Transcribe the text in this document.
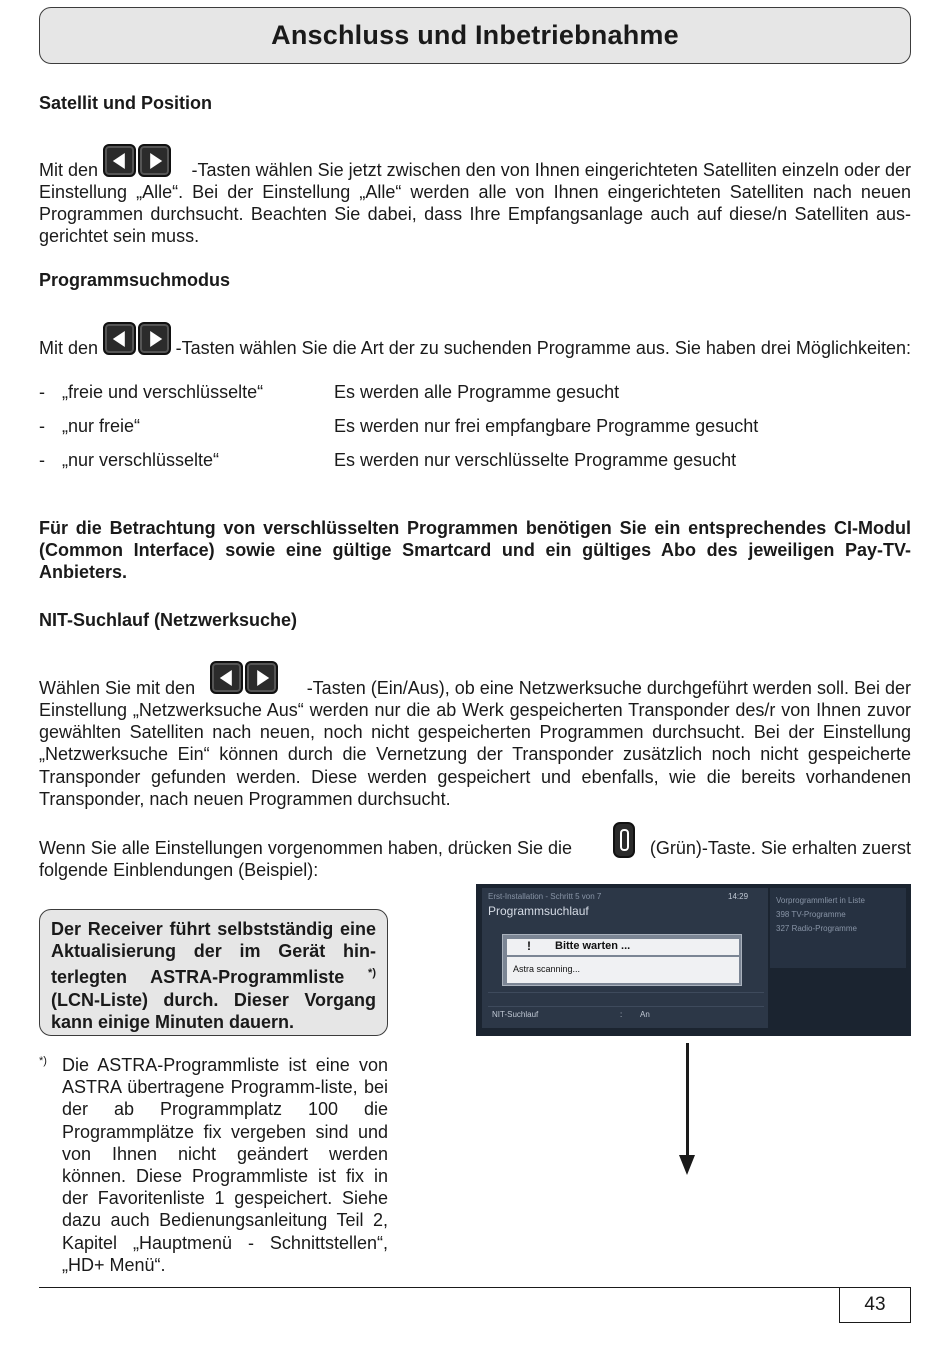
Anschluss und Inbetriebnahme
Satellit und Position
Mit den	-Tasten wählen Sie jetzt zwischen den von Ihnen eingerichteten Satelliten einzeln oder der
Einstellung „Alle“. Bei der Einstellung „Alle“ werden alle von Ihnen eingerichteten Satelliten nach neuen Programmen durchsucht. Beachten Sie dabei, dass Ihre Empfangsanlage auch auf diese/n Satelliten aus-gerichtet sein muss.
Programmsuchmodus
Mit den	-Tasten wählen Sie die Art der zu suchenden Programme aus. Sie haben drei Möglichkeiten:
- „freie und verschlüsselte“	Es werden alle Programme gesucht
- „nur freie“	Es werden nur frei empfangbare Programme gesucht
- „nur verschlüsselte“	Es werden nur verschlüsselte Programme gesucht
Für die Betrachtung von verschlüsselten Programmen benötigen Sie ein entsprechendes CI-Modul (Common Interface) sowie eine gültige Smartcard und ein gültiges Abo des jeweiligen Pay-TV-Anbieters.
NIT-Suchlauf (Netzwerksuche)
Wählen Sie mit den	-Tasten (Ein/Aus), ob eine Netzwerksuche durchgeführt werden soll. Bei der
Einstellung „Netzwerksuche Aus“ werden nur die ab Werk gespeicherten Transponder des/r von Ihnen zuvor gewählten Satelliten nach neuen, noch nicht gespeicherten Programmen durchsucht. Bei der Einstellung „Netzwerksuche Ein“ können durch die Vernetzung der Transponder zusätzlich noch nicht gespeicherte Transponder gefunden werden. Diese werden gespeichert und ebenfalls, wie die bereits vorhandenen Transponder, nach neuen Programmen durchsucht.
Wenn Sie alle Einstellungen vorgenommen haben, drücken Sie die	(Grün)-Taste. Sie erhalten zuerst
folgende Einblendungen (Beispiel):

Der Receiver führt selbstständig eine Aktualisierung der im Gerät hin-terlegten ASTRA-Programmliste *) (LCN-Liste) durch. Dieser Vorgang kann einige Minuten dauern.

*) Die ASTRA-Programmliste ist eine von ASTRA übertragene Programm-liste, bei der ab Programmplatz 100 die Programmplätze fix vergeben sind und von Ihnen nicht geändert werden können. Diese Programmliste ist fix in der Favoritenliste 1 gespeichert. Siehe dazu auch Bedienungsanleitung Teil 2, Kapitel „Hauptmenü - Schnittstellen“, „HD+ Menü“.
Erst-Installation - Schritt 5 von 7	14:29
Programmsuchlauf
Vorprogrammliert in Liste
398 TV-Programme
327 Radio-Programme
NIT-Suchlauf	: An
! Bitte warten ...
Astra scanning...
43
